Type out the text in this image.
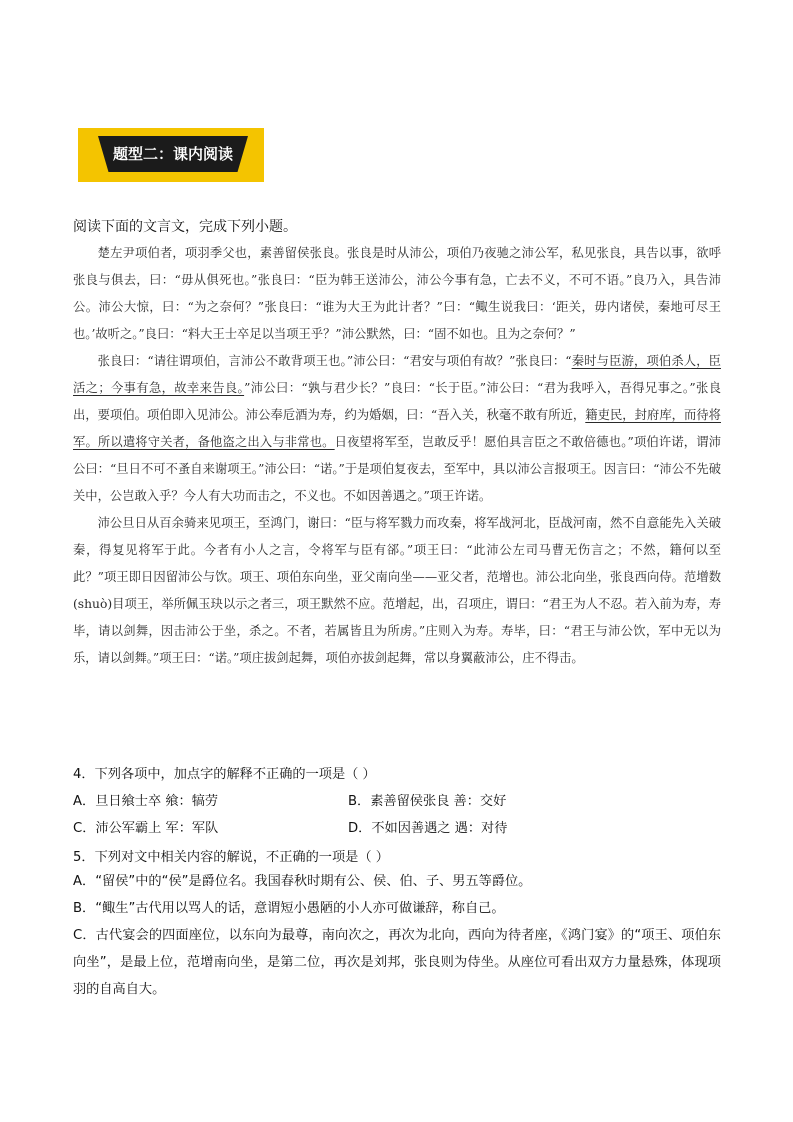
题型二：课内阅读
阅读下面的文言文，完成下列小题。

楚左尹项伯者，项羽季父也，素善留侯张良。张良是时从沛公，项伯乃夜驰之沛公军，私见张良，具告以事，欲呼张良与俱去，曰：“毋从俱死也。”张良曰：“臣为韩王送沛公，沛公今事有急，亡去不义，不可不语。”良乃入，具告沛公。沛公大惊，曰：“为之奈何？”张良曰：“谁为大王为此计者？”曰：“鲰生说我曰：‘距关，毋内诸侯，秦地可尽王也。’故听之。”良曰：“料大王士卒足以当项王乎？”沛公默然，曰：“固不如也。且为之奈何？”

张良曰：“请往谓项伯，言沛公不敢背项王也。”沛公曰：“君安与项伯有故？”张良曰：“秦时与臣游，项伯杀人，臣活之；今事有急，故幸来告良。”沛公曰：“孰与君少长？”良曰：“长于臣。”沛公曰：“君为我呼入，吾得兄事之。”张良出，要项伯。项伯即入见沛公。沛公奉卮酒为寿，约为婚姻，曰：“吾入关，秋毫不敢有所近，籍吏民，封府库，而待将军。所以遣将守关者，备他盗之出入与非常也。日夜望将军至，岂敢反乎！愿伯具言臣之不敢倍德也。”项伯许诺，谓沛公曰：“旦日不可不蚤自来谢项王。”沛公曰：“诺。”于是项伯复夜去，至军中，具以沛公言报项王。因言曰：“沛公不先破关中，公岂敢入乎？今人有大功而击之，不义也。不如因善遇之。”项王许诺。

沛公旦日从百余骑来见项王，至鸿门，谢曰：“臣与将军戮力而攻秦，将军战河北，臣战河南，然不自意能先入关破秦，得复见将军于此。今者有小人之言，令将军与臣有郤。”项王曰：“此沛公左司马曹无伤言之；不然，籍何以至此？”项王即日因留沛公与饮。项王、项伯东向坐，亚父南向坐——亚父者，范增也。沛公北向坐，张良西向侍。范增数(shuò)目项王，举所佩玉玦以示之者三，项王默然不应。范增起，出，召项庄，谓曰：“君王为人不忍。若入前为寿，寿毕，请以剑舞，因击沛公于坐，杀之。不者，若属皆且为所虏。”庄则入为寿。寿毕，曰：“君王与沛公饮，军中无以为乐，请以剑舞。”项王曰：“诺。”项庄拔剑起舞，项伯亦拔剑起舞，常以身翼蔽沛公，庄不得击。

4．下列各项中，加点字的解释不正确的一项是（ ）
A．旦日飨士卒 飨：犒劳	B．素善留侯张良 善：交好
C．沛公军霸上 军：军队	D．不如因善遇之 遇：对待
5．下列对文中相关内容的解说，不正确的一项是（ ）
A．“留侯”中的“侯”是爵位名。我国春秋时期有公、侯、伯、子、男五等爵位。
B．“鲰生”古代用以骂人的话，意谓短小愚陋的小人亦可做谦辞，称自己。
C．古代宴会的四面座位，以东向为最尊，南向次之，再次为北向，西向为待者座，《鸿门宴》的“项王、项伯东向坐”，是最上位，范增南向坐，是第二位，再次是刘邦，张良则为侍坐。从座位可看出双方力量悬殊，体现项羽的自高自大。
